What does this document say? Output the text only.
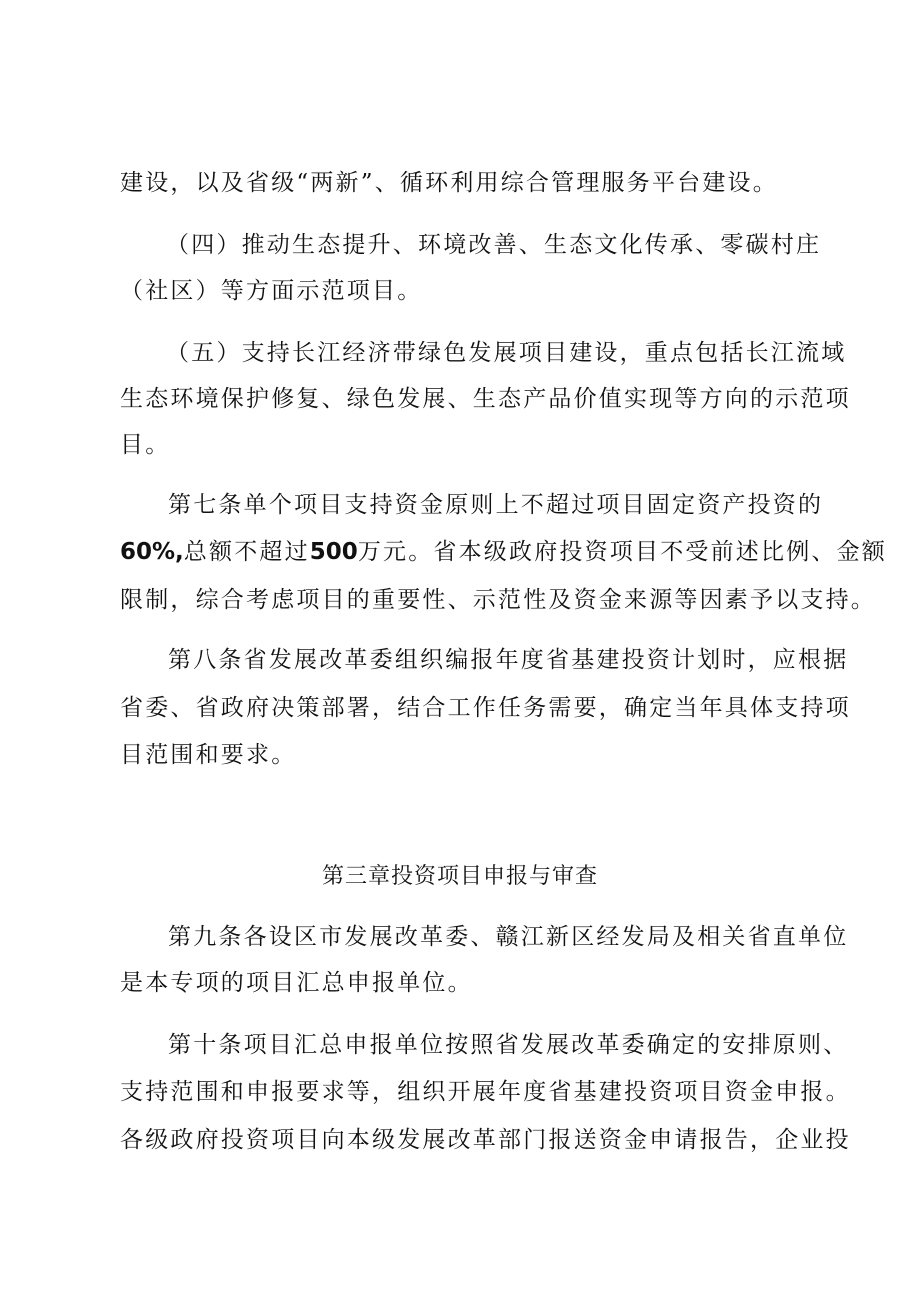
建设，以及省级“两新”、循环利用综合管理服务平台建设。
（四）推动生态提升、环境改善、生态文化传承、零碳村庄
（社区）等方面示范项目。
（五）支持长江经济带绿色发展项目建设，重点包括长江流域
生态环境保护修复、绿色发展、生态产品价值实现等方向的示范项
目。
第七条单个项目支持资金原则上不超过项目固定资产投资的
60%,总额不超过500万元。省本级政府投资项目不受前述比例、金额
限制，综合考虑项目的重要性、示范性及资金来源等因素予以支持。
第八条省发展改革委组织编报年度省基建投资计划时，应根据
省委、省政府决策部署，结合工作任务需要，确定当年具体支持项
目范围和要求。
第三章投资项目申报与审查
第九条各设区市发展改革委、赣江新区经发局及相关省直单位
是本专项的项目汇总申报单位。
第十条项目汇总申报单位按照省发展改革委确定的安排原则、
支持范围和申报要求等，组织开展年度省基建投资项目资金申报。
各级政府投资项目向本级发展改革部门报送资金申请报告，企业投
